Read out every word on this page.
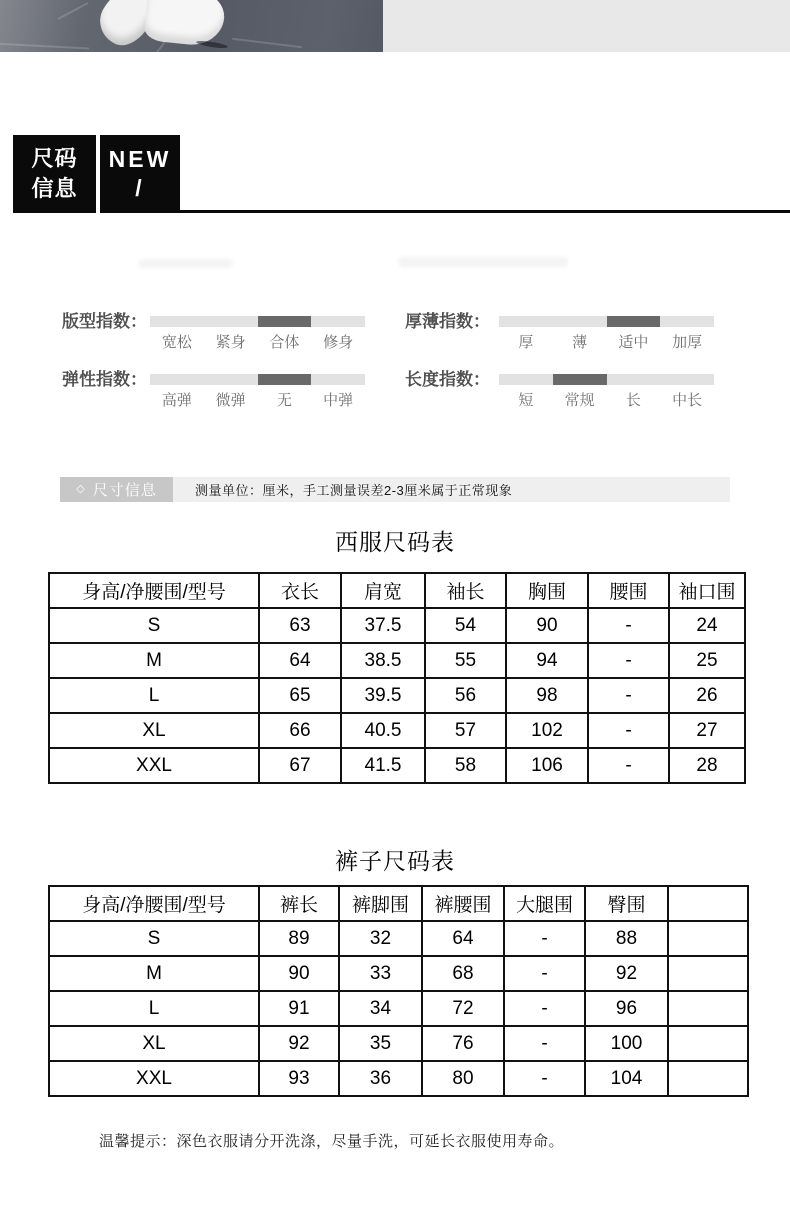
尺码
信息
NEW
/
版型指数：
宽松	紧身	合体	修身
厚薄指数：
厚	薄	适中	加厚
弹性指数：
高弹	微弹	无	中弹
长度指数：
短	常规	长	中长
◇ 尺寸信息	测量单位：厘米，手工测量误差2-3厘米属于正常现象
西服尺码表
身高/净腰围/型号	衣长	肩宽	袖长	胸围	腰围	袖口围
S	63	37.5	54	90	-	24
M	64	38.5	55	94	-	25
L	65	39.5	56	98	-	26
XL	66	40.5	57	102	-	27
XXL	67	41.5	58	106	-	28
裤子尺码表
身高/净腰围/型号	裤长	裤脚围	裤腰围	大腿围	臀围	
S	89	32	64	-	88	
M	90	33	68	-	92	
L	91	34	72	-	96	
XL	92	35	76	-	100	
XXL	93	36	80	-	104	
温馨提示：深色衣服请分开洗涤，尽量手洗，可延长衣服使用寿命。
